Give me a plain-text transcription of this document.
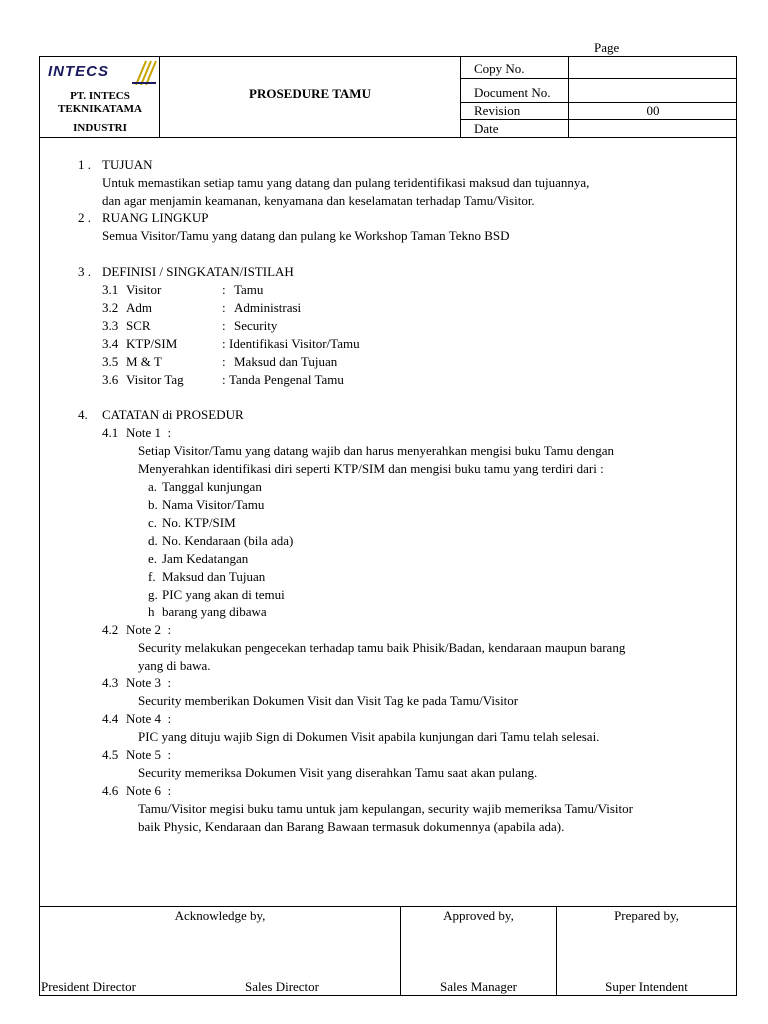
Page
INTECS
PT. INTECS
TEKNIKATAMA
INDUSTRI
PROSEDURE TAMU
Copy No.
Document No.
Revision	00
Date
1 . TUJUAN
Untuk memastikan setiap tamu yang datang dan pulang teridentifikasi maksud dan tujuannya,
dan agar menjamin keamanan, kenyamana dan keselamatan terhadap Tamu/Visitor.
2 . RUANG LINGKUP
Semua Visitor/Tamu yang datang dan pulang ke Workshop Taman Tekno BSD
3 . DEFINISI / SINGKATAN/ISTILAH
3.1 Visitor	: Tamu
3.2 Adm	: Administrasi
3.3 SCR	: Security
3.4 KTP/SIM	: Identifikasi Visitor/Tamu
3.5 M & T	: Maksud dan Tujuan
3.6 Visitor Tag	: Tanda Pengenal Tamu
4. CATATAN di PROSEDUR
4.1 Note 1  :
Setiap Visitor/Tamu yang datang wajib dan harus menyerahkan mengisi buku Tamu dengan
Menyerahkan identifikasi diri seperti KTP/SIM dan mengisi buku tamu yang terdiri dari :
a. Tanggal kunjungan
b. Nama Visitor/Tamu
c. No. KTP/SIM
d. No. Kendaraan (bila ada)
e. Jam Kedatangan
f. Maksud dan Tujuan
g. PIC yang akan di temui
h barang yang dibawa
4.2 Note 2  :
Security melakukan pengecekan terhadap tamu baik Phisik/Badan, kendaraan maupun barang
yang di bawa.
4.3 Note 3  :
Security memberikan Dokumen Visit dan Visit Tag ke pada Tamu/Visitor
4.4 Note 4  :
PIC yang dituju wajib Sign di Dokumen Visit apabila kunjungan dari Tamu telah selesai.
4.5 Note 5  :
Security memeriksa Dokumen Visit yang diserahkan Tamu saat akan pulang.
4.6 Note 6  :
Tamu/Visitor megisi buku tamu untuk jam kepulangan, security wajib memeriksa Tamu/Visitor
baik Physic, Kendaraan dan Barang Bawaan termasuk dokumennya (apabila ada).
Acknowledge by,	Approved by,	Prepared by,
President Director	Sales Director	Sales Manager	Super Intendent
